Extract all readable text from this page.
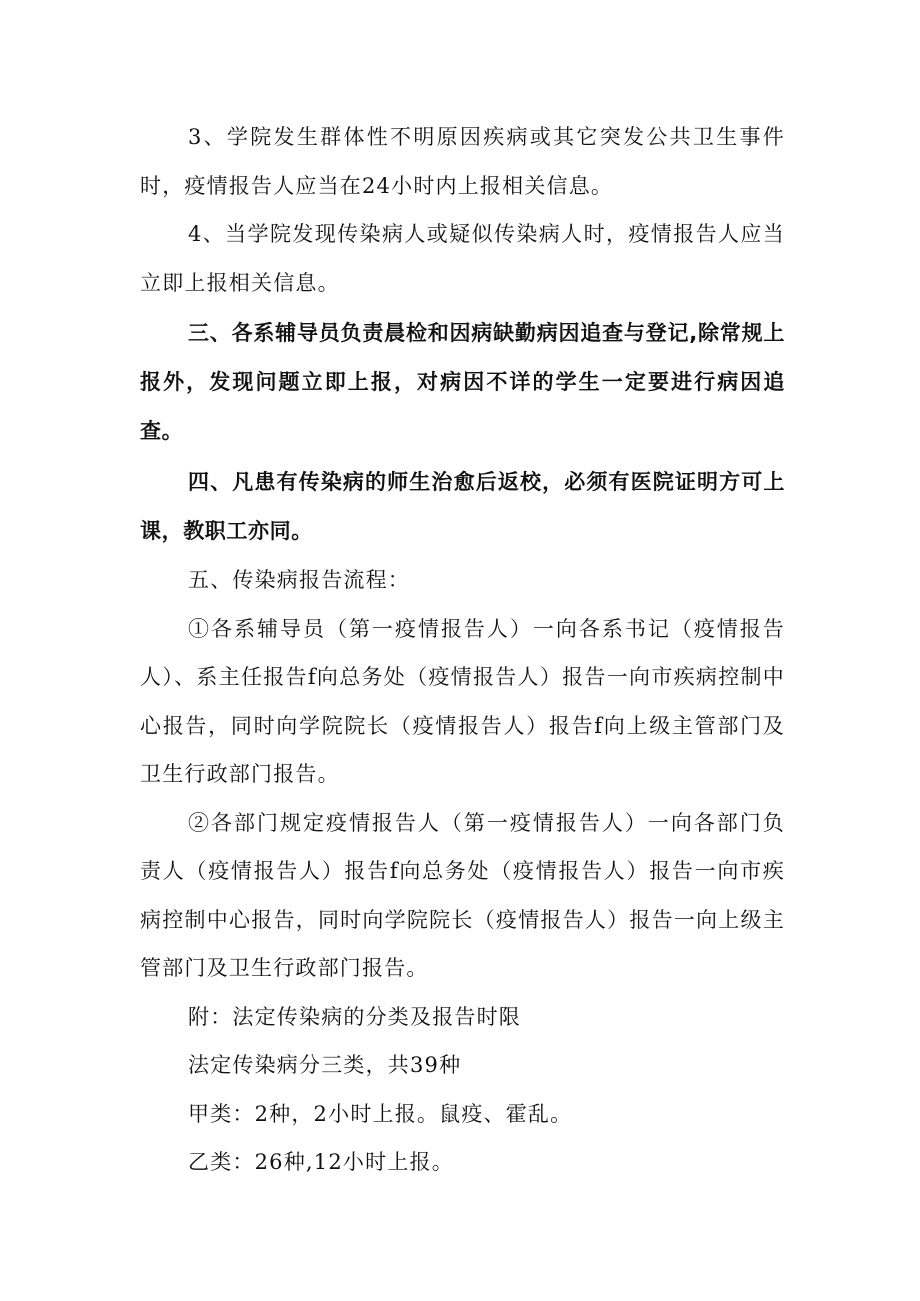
3、学院发生群体性不明原因疾病或其它突发公共卫生事件时，疫情报告人应当在24小时内上报相关信息。

4、当学院发现传染病人或疑似传染病人时，疫情报告人应当立即上报相关信息。

三、各系辅导员负责晨检和因病缺勤病因追查与登记,除常规上报外，发现问题立即上报，对病因不详的学生一定要进行病因追查。

四、凡患有传染病的师生治愈后返校，必须有医院证明方可上课，教职工亦同。

五、传染病报告流程：

①各系辅导员（第一疫情报告人）一向各系书记（疫情报告人）、系主任报告f向总务处（疫情报告人）报告一向市疾病控制中心报告，同时向学院院长（疫情报告人）报告f向上级主管部门及卫生行政部门报告。

②各部门规定疫情报告人（第一疫情报告人）一向各部门负责人（疫情报告人）报告f向总务处（疫情报告人）报告一向市疾病控制中心报告，同时向学院院长（疫情报告人）报告一向上级主管部门及卫生行政部门报告。

附：法定传染病的分类及报告时限

法定传染病分三类，共39种

甲类：2种，2小时上报。鼠疫、霍乱。

乙类：26种,12小时上报。
